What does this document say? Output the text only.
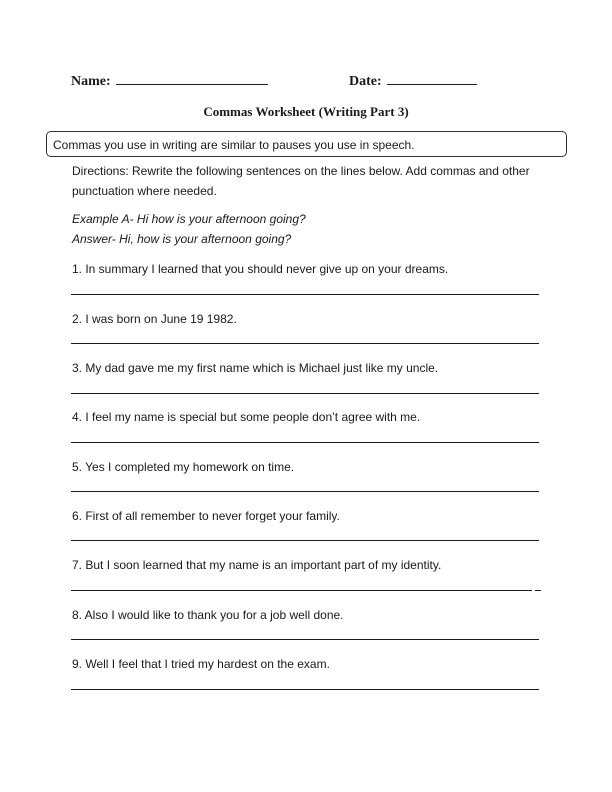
Name:	Date:
Commas Worksheet (Writing Part 3)
Commas you use in writing are similar to pauses you use in speech.
Directions: Rewrite the following sentences on the lines below. Add commas and other punctuation where needed.
Example A- Hi how is your afternoon going?
Answer- Hi, how is your afternoon going?
1. In summary I learned that you should never give up on your dreams.
2. I was born on June 19 1982.
3. My dad gave me my first name which is Michael just like my uncle.
4. I feel my name is special but some people don’t agree with me.
5. Yes I completed my homework on time.
6. First of all remember to never forget your family.
7. But I soon learned that my name is an important part of my identity.
8. Also I would like to thank you for a job well done.
9. Well I feel that I tried my hardest on the exam.
